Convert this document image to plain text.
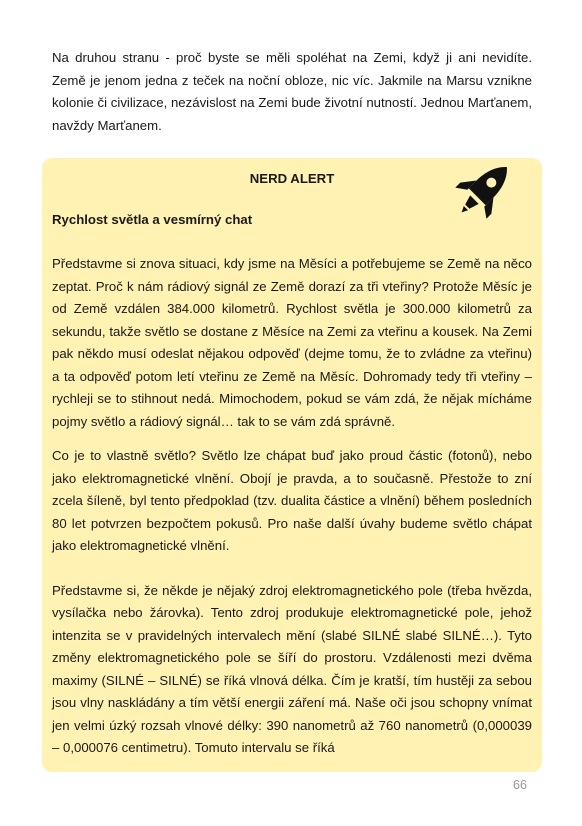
Na druhou stranu - proč byste se měli spoléhat na Zemi, když ji ani nevidíte. Země je jenom jedna z teček na noční obloze, nic víc. Jakmile na Marsu vznikne kolonie či civilizace, nezávislost na Zemi bude životní nutností. Jednou Marťanem, navždy Marťanem.

NERD ALERT

Rychlost světla a vesmírný chat

Představme si znova situaci, kdy jsme na Měsíci a potřebujeme se Země na něco zeptat. Proč k nám rádiový signál ze Země dorazí za tři vteřiny? Protože Měsíc je od Země vzdálen 384.000 kilometrů. Rychlost světla je 300.000 kilometrů za sekundu, takže světlo se dostane z Měsíce na Zemi za vteřinu a kousek. Na Zemi pak někdo musí odeslat nějakou odpověď (dejme tomu, že to zvládne za vteřinu) a ta odpověď potom letí vteřinu ze Země na Měsíc. Dohromady tedy tři vteřiny – rychleji se to stihnout nedá. Mimochodem, pokud se vám zdá, že nějak mícháme pojmy světlo a rádiový signál… tak to se vám zdá správně.

Co je to vlastně světlo? Světlo lze chápat buď jako proud částic (fotonů), nebo jako elektromagnetické vlnění. Obojí je pravda, a to současně. Přestože to zní zcela šíleně, byl tento předpoklad (tzv. dualita částice a vlnění) během posledních 80 let potvrzen bezpočtem pokusů. Pro naše další úvahy budeme světlo chápat jako elektromagnetické vlnění.

Představme si, že někde je nějaký zdroj elektromagnetického pole (třeba hvězda, vysílačka nebo žárovka). Tento zdroj produkuje elektromagnetické pole, jehož intenzita se v pravidelných intervalech mění (slabé SILNÉ slabé SILNÉ…). Tyto změny elektromagnetického pole se šíří do prostoru. Vzdálenosti mezi dvěma maximy (SILNÉ – SILNÉ) se říká vlnová délka. Čím je kratší, tím hustěji za sebou jsou vlny naskládány a tím větší energii záření má. Naše oči jsou schopny vnímat jen velmi úzký rozsah vlnové délky: 390 nanometrů až 760 nanometrů (0,000039 – 0,000076 centimetru). Tomuto intervalu se říká

66
